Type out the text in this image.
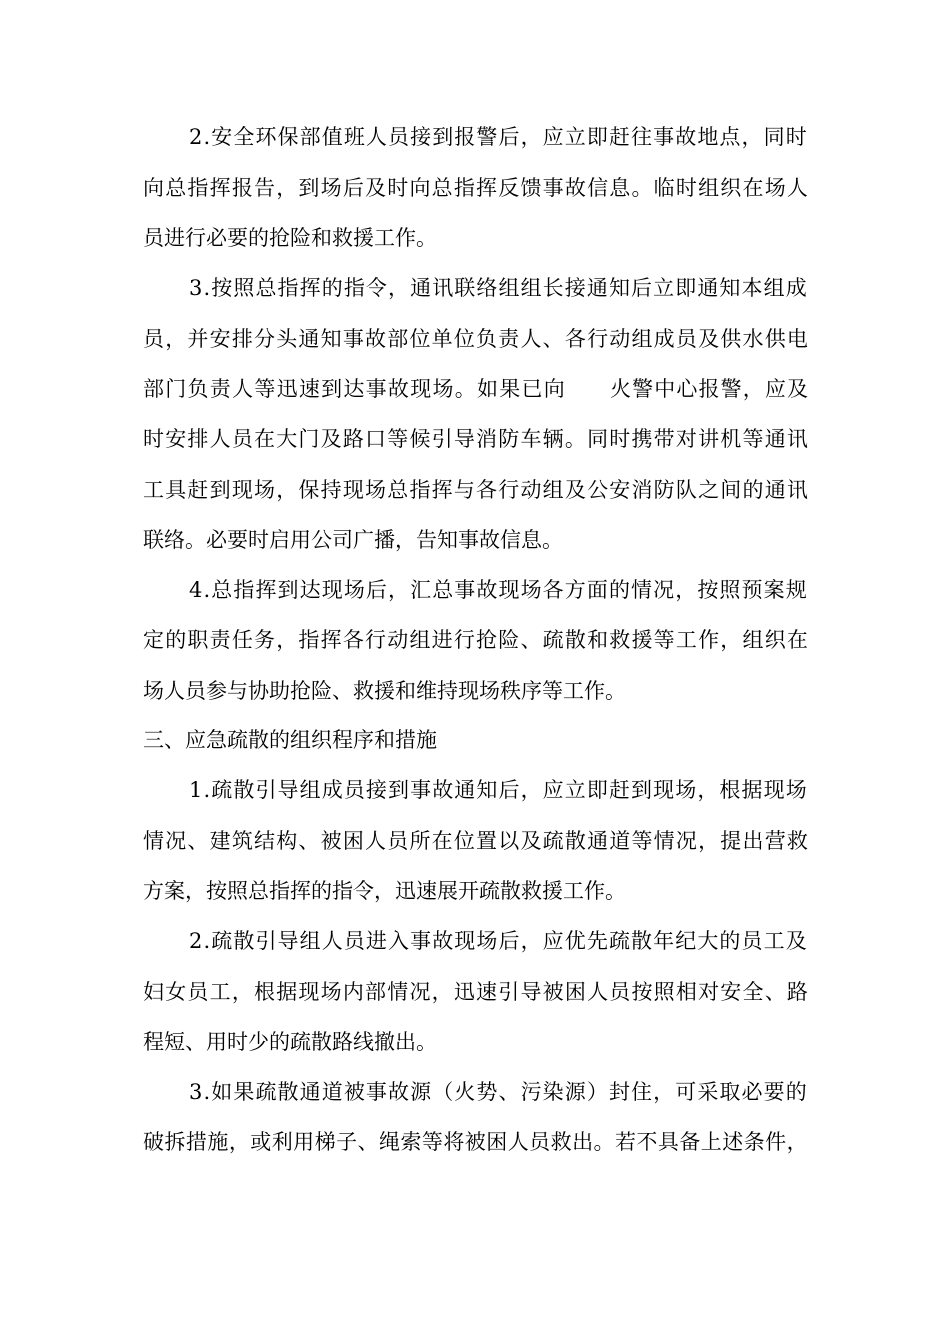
2 . 安 全 环 保 部 值 班 人 员 接 到 报 警 后 ， 应 立 即 赶 往 事 故 地 点 ， 同 时
向 总 指 挥 报 告 ， 到 场 后 及 时 向 总 指 挥 反 馈 事 故 信 息 。 临 时 组 织 在 场 人
员进行必要的抢险和救援工作。
3 . 按 照 总 指 挥 的 指 令 ， 通 讯 联 络 组 组 长 接 通 知 后 立 即 通 知 本 组 成
员 ， 并 安 排 分 头 通 知 事 故 部 位 单 位 负 责 人 、 各 行 动 组 成 员 及 供 水 供 电
部 门 负 责 人 等 迅 速 到 达 事 故 现 场 。 如 果 已 向 火 警 中 心 报 警 ， 应 及
时 安 排 人 员 在 大 门 及 路 口 等 候 引 导 消 防 车 辆 。 同 时 携 带 对 讲 机 等 通 讯
工 具 赶 到 现 场 ， 保 持 现 场 总 指 挥 与 各 行 动 组 及 公 安 消 防 队 之 间 的 通 讯
联络。必要时启用公司广播，告知事故信息。
4 . 总 指 挥 到 达 现 场 后 ， 汇 总 事 故 现 场 各 方 面 的 情 况 ， 按 照 预 案 规
定 的 职 责 任 务 ， 指 挥 各 行 动 组 进 行 抢 险 、 疏 散 和 救 援 等 工 作 ， 组 织 在
场人员参与协助抢险、救援和维持现场秩序等工作。
三、应急疏散的组织程序和措施
1 . 疏 散 引 导 组 成 员 接 到 事 故 通 知 后 ， 应 立 即 赶 到 现 场 ， 根 据 现 场
情 况 、 建 筑 结 构 、 被 困 人 员 所 在 位 置 以 及 疏 散 通 道 等 情 况 ， 提 出 营 救
方案，按照总指挥的指令，迅速展开疏散救援工作。
2 . 疏 散 引 导 组 人 员 进 入 事 故 现 场 后 ， 应 优 先 疏 散 年 纪 大 的 员 工 及
妇 女 员 工 ， 根 据 现 场 内 部 情 况 ， 迅 速 引 导 被 困 人 员 按 照 相 对 安 全 、 路
程短、用时少的疏散路线撤出。
3 . 如 果 疏 散 通 道 被 事 故 源 （ 火 势 、 污 染 源 ） 封 住 ， 可 采 取 必 要 的
破 拆 措 施 ， 或 利 用 梯 子 、 绳 索 等 将 被 困 人 员 救 出 。 若 不 具 备 上 述 条 件 ，
